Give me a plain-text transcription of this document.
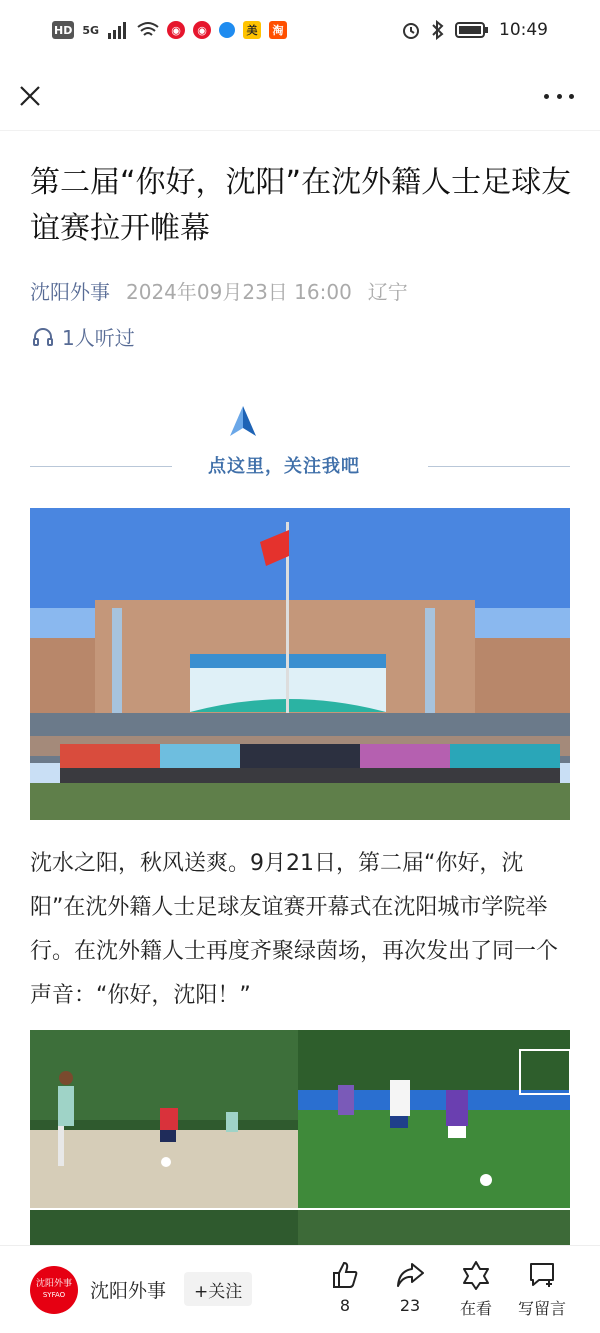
HD 5G	◉	◉	美	淘	10:49
第二届“你好，沈阳”在沈外籍人士足球友谊赛拉开帷幕
沈阳外事 2024年09月23日 16:00 辽宁
1人听过
点这里，关注我吧

沈水之阳，秋风送爽。9月21日，第二届“你好，沈阳”在沈外籍人士足球友谊赛开幕式在沈阳城市学院举行。在沈外籍人士再度齐聚绿茵场，再次发出了同一个声音：“你好，沈阳！”

沈阳外事
SYFAO 沈阳外事	+关注
8	23 在看 写留言
